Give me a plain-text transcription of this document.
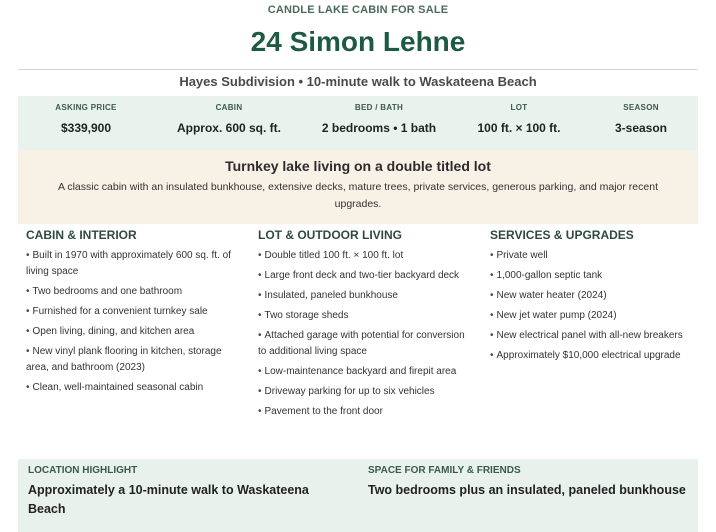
CANDLE LAKE CABIN FOR SALE
24 Simon Lehne
Hayes Subdivision • 10-minute walk to Waskateena Beach
ASKING PRICE
$339,900
CABIN
Approx. 600 sq. ft.
BED / BATH
2 bedrooms • 1 bath
LOT
100 ft. × 100 ft.
SEASON
3-season
Turnkey lake living on a double titled lot
A classic cabin with an insulated bunkhouse, extensive decks, mature trees, private services, generous parking, and major recent upgrades.
CABIN & INTERIOR
• Built in 1970 with approximately 600 sq. ft. of living space
• Two bedrooms and one bathroom
• Furnished for a convenient turnkey sale
• Open living, dining, and kitchen area
• New vinyl plank flooring in kitchen, storage area, and bathroom (2023)
• Clean, well-maintained seasonal cabin
LOT & OUTDOOR LIVING
• Double titled 100 ft. × 100 ft. lot
• Large front deck and two-tier backyard deck
• Insulated, paneled bunkhouse
• Two storage sheds
• Attached garage with potential for conversion to additional living space
• Low-maintenance backyard and firepit area
• Driveway parking for up to six vehicles
• Pavement to the front door
SERVICES & UPGRADES
• Private well
• 1,000-gallon septic tank
• New water heater (2024)
• New jet water pump (2024)
• New electrical panel with all-new breakers
• Approximately $10,000 electrical upgrade
LOCATION HIGHLIGHT
Approximately a 10-minute walk to Waskateena Beach
SPACE FOR FAMILY & FRIENDS
Two bedrooms plus an insulated, paneled bunkhouse
